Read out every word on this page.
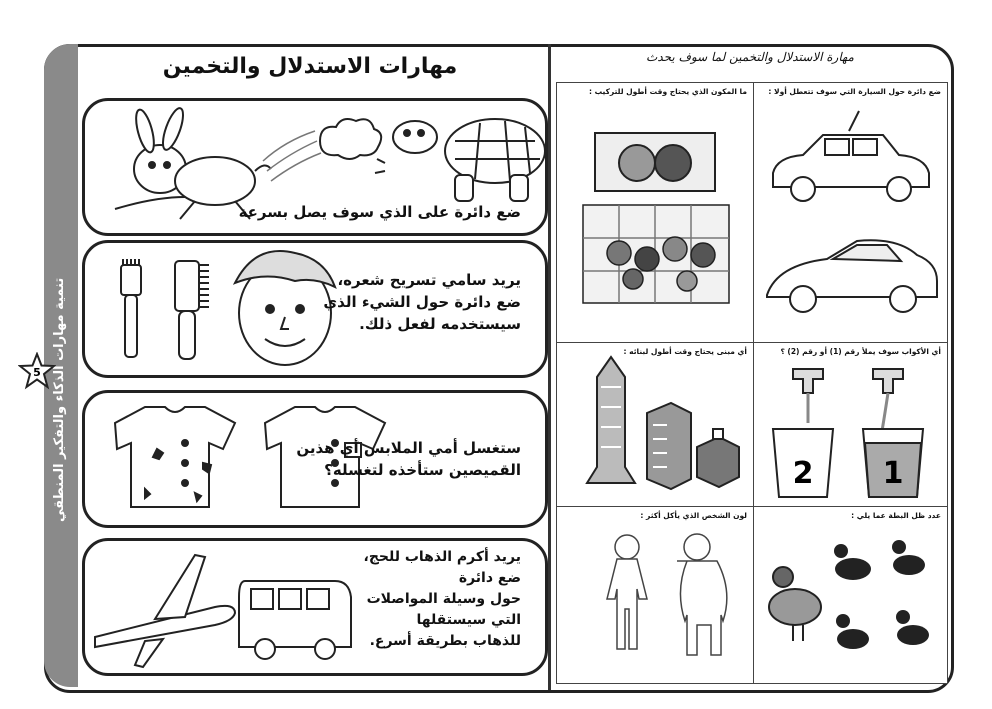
تنمية مهارات الذكاء والتفكير المنطقي
5
مهارات الاستدلال والتخمين
ضع دائرة على الذي سوف يصل بسرعة
يريد سامي تسريح شعره،
ضع دائرة حول الشيء الذي
سيستخدمه لفعل ذلك.
ستغسل أمي الملابس أي هذين
القميصين ستأخذه لتغسله؟
يريد أكرم الذهاب للحج،
ضع دائرة
حول وسيلة المواصلات
التي سيستقلها
للذهاب بطريقة أسرع.
مهارة الاستدلال والتخمين لما سوف يحدث
ضع دائرة حول السيارة التي سوف تتعطل أولا :
ما المكون الذي يحتاج وقت أطول للتركيب :
أي الأكواب سوف يملأ رقم (1) أو رقم (2) ؟
2 1
أي مبنى يحتاج وقت أطول لبنائه :
عدد ظل البطة عما يلي :
لون الشخص الذي يأكل أكثر :
